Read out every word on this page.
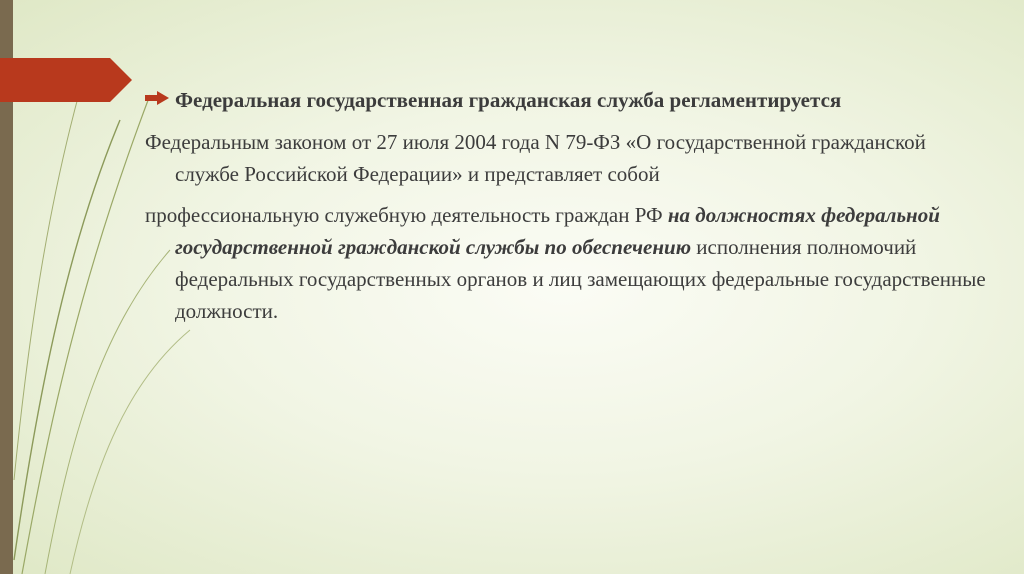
Федеральная государственная гражданская служба регламентируется
Федеральным законом от 27 июля 2004 года N 79-ФЗ «О государственной гражданской службе Российской Федерации» и представляет собой
профессиональную служебную деятельность граждан РФ на должностях федеральной государственной гражданской службы по обеспечению исполнения полномочий федеральных государственных органов и лиц замещающих федеральные государственные должности.
